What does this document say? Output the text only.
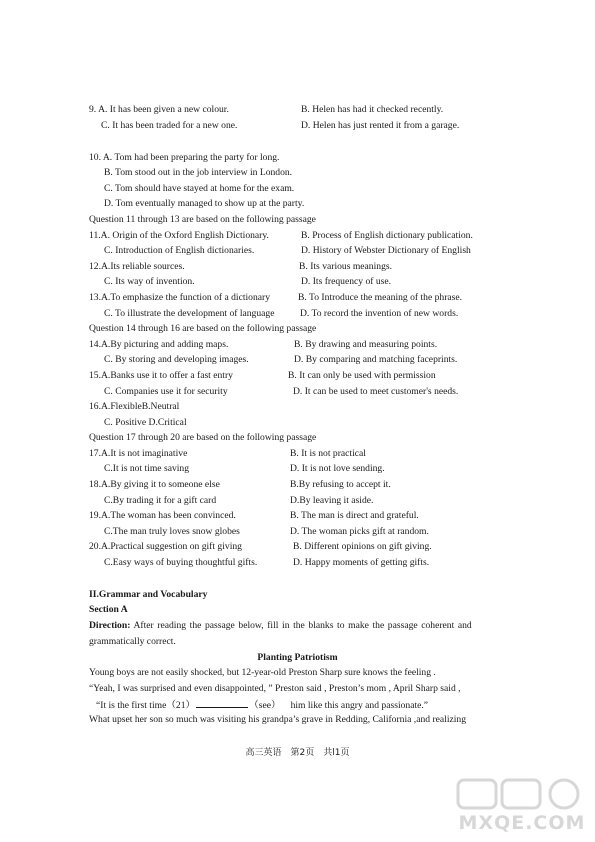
9. A. It has been given a new colour.	B. Helen has had it checked recently.
C. It has been traded for a new one.	D. Helen has just rented it from a garage.
10. A. Tom had been preparing the party for long.
B. Tom stood out in the job interview in London.
C. Tom should have stayed at home for the exam.
D. Tom eventually managed to show up at the party.
Question 11 through 13 are based on the following passage
11.A. Origin of the Oxford English Dictionary.	B. Process of English dictionary publication.
C. Introduction of English dictionaries.	D. History of Webster Dictionary of English
12.A.Its reliable sources.	B. Its various meanings.
C. Its way of invention.	D. Its frequency of use.
13.A.To emphasize the function of a dictionary	B. To Introduce the meaning of the phrase.
C. To illustrate the development of language	D. To record the invention of new words.
Question 14 through 16 are based on the following passage
14.A.By picturing and adding maps.	B. By drawing and measuring points.
C. By storing and developing images.	D. By comparing and matching faceprints.
15.A.Banks use it to offer a fast entry	B. It can only be used with permission
C. Companies use it for security	D. It can be used to meet customer's needs.
16.A.FlexibleB.Neutral
C. Positive D.Critical
Question 17 through 20 are based on the following passage
17.A.It is not imaginative	B. It is not practical
C.It is not time saving	D. It is not love sending.
18.A.By giving it to someone else	B.By refusing to accept it.
C.By trading it for a gift card	D.By leaving it aside.
19.A.The woman has been convinced.	B. The man is direct and grateful.
C.The man truly loves snow globes	D. The woman picks gift at random.
20.A.Practical suggestion on gift giving	B. Different opinions on gift giving.
C.Easy ways of buying thoughtful gifts.	D. Happy moments of getting gifts.
II.Grammar and Vocabulary
Section A
Direction: After reading the passage below, fill in the blanks to make the passage coherent and
grammatically correct.
Planting Patriotism
Young boys are not easily shocked, but 12-year-old Preston Sharp sure knows the feeling .
“Yeah, I was surprised and even disappointed, ” Preston said , Preston’s mom , April Sharp said ,
“It is the first time（21）	（see） him like this angry and passionate.”
What upset her son so much was visiting his grandpa’s grave in Redding, California ,and realizing
高三英语　第2页　共l1页
MXQE.COM
